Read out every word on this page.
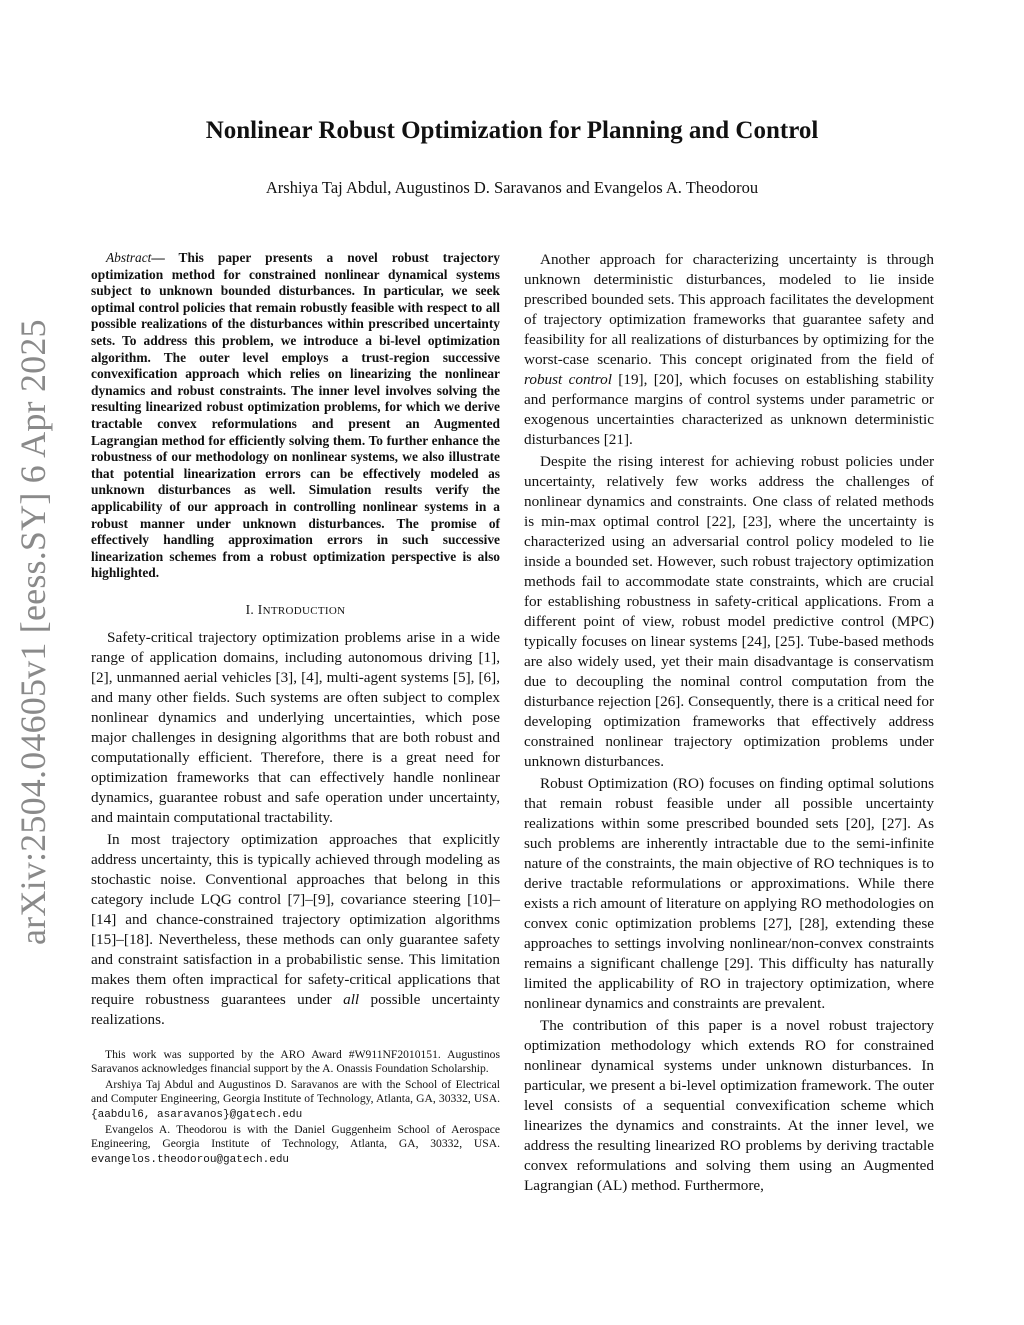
Nonlinear Robust Optimization for Planning and Control
Arshiya Taj Abdul, Augustinos D. Saravanos and Evangelos A. Theodorou
arXiv:2504.04605v1 [eess.SY] 6 Apr 2025

Abstract— This paper presents a novel robust trajectory optimization method for constrained nonlinear dynamical systems subject to unknown bounded disturbances. In particular, we seek optimal control policies that remain robustly feasible with respect to all possible realizations of the disturbances within prescribed uncertainty sets. To address this problem, we introduce a bi-level optimization algorithm. The outer level employs a trust-region successive convexification approach which relies on linearizing the nonlinear dynamics and robust constraints. The inner level involves solving the resulting linearized robust optimization problems, for which we derive tractable convex reformulations and present an Augmented Lagrangian method for efficiently solving them. To further enhance the robustness of our methodology on nonlinear systems, we also illustrate that potential linearization errors can be effectively modeled as unknown disturbances as well. Simulation results verify the applicability of our approach in controlling nonlinear systems in a robust manner under unknown disturbances. The promise of effectively handling approximation errors in such successive linearization schemes from a robust optimization perspective is also highlighted.

I. INTRODUCTION

Safety-critical trajectory optimization problems arise in a wide range of application domains, including autonomous driving [1], [2], unmanned aerial vehicles [3], [4], multi-agent systems [5], [6], and many other fields. Such systems are often subject to complex nonlinear dynamics and underlying uncertainties, which pose major challenges in designing algorithms that are both robust and computationally efficient. Therefore, there is a great need for optimization frameworks that can effectively handle nonlinear dynamics, guarantee robust and safe operation under uncertainty, and maintain computational tractability.

In most trajectory optimization approaches that explicitly address uncertainty, this is typically achieved through modeling as stochastic noise. Conventional approaches that belong in this category include LQG control [7]–[9], covariance steering [10]–[14] and chance-constrained trajectory optimization algorithms [15]–[18]. Nevertheless, these methods can only guarantee safety and constraint satisfaction in a probabilistic sense. This limitation makes them often impractical for safety-critical applications that require robustness guarantees under all possible uncertainty realizations.

This work was supported by the ARO Award #W911NF2010151. Augustinos Saravanos acknowledges financial support by the A. Onassis Foundation Scholarship.

Arshiya Taj Abdul and Augustinos D. Saravanos are with the School of Electrical and Computer Engineering, Georgia Institute of Technology, Atlanta, GA, 30332, USA. {aabdul6, asaravanos}@gatech.edu

Evangelos A. Theodorou is with the Daniel Guggenheim School of Aerospace Engineering, Georgia Institute of Technology, Atlanta, GA, 30332, USA. evangelos.theodorou@gatech.edu

Another approach for characterizing uncertainty is through unknown deterministic disturbances, modeled to lie inside prescribed bounded sets. This approach facilitates the development of trajectory optimization frameworks that guarantee safety and feasibility for all realizations of disturbances by optimizing for the worst-case scenario. This concept originated from the field of robust control [19], [20], which focuses on establishing stability and performance margins of control systems under parametric or exogenous uncertainties characterized as unknown deterministic disturbances [21].

Despite the rising interest for achieving robust policies under uncertainty, relatively few works address the challenges of nonlinear dynamics and constraints. One class of related methods is min-max optimal control [22], [23], where the uncertainty is characterized using an adversarial control policy modeled to lie inside a bounded set. However, such robust trajectory optimization methods fail to accommodate state constraints, which are crucial for establishing robustness in safety-critical applications. From a different point of view, robust model predictive control (MPC) typically focuses on linear systems [24], [25]. Tube-based methods are also widely used, yet their main disadvantage is conservatism due to decoupling the nominal control computation from the disturbance rejection [26]. Consequently, there is a critical need for developing optimization frameworks that effectively address constrained nonlinear trajectory optimization problems under unknown disturbances.

Robust Optimization (RO) focuses on finding optimal solutions that remain robust feasible under all possible uncertainty realizations within some prescribed bounded sets [20], [27]. As such problems are inherently intractable due to the semi-infinite nature of the constraints, the main objective of RO techniques is to derive tractable reformulations or approximations. While there exists a rich amount of literature on applying RO methodologies on convex conic optimization problems [27], [28], extending these approaches to settings involving nonlinear/non-convex constraints remains a significant challenge [29]. This difficulty has naturally limited the applicability of RO in trajectory optimization, where nonlinear dynamics and constraints are prevalent.

The contribution of this paper is a novel robust trajectory optimization methodology which extends RO for constrained nonlinear dynamical systems under unknown disturbances. In particular, we present a bi-level optimization framework. The outer level consists of a sequential convexification scheme which linearizes the dynamics and constraints. At the inner level, we address the resulting linearized RO problems by deriving tractable convex reformulations and solving them using an Augmented Lagrangian (AL) method. Furthermore,
